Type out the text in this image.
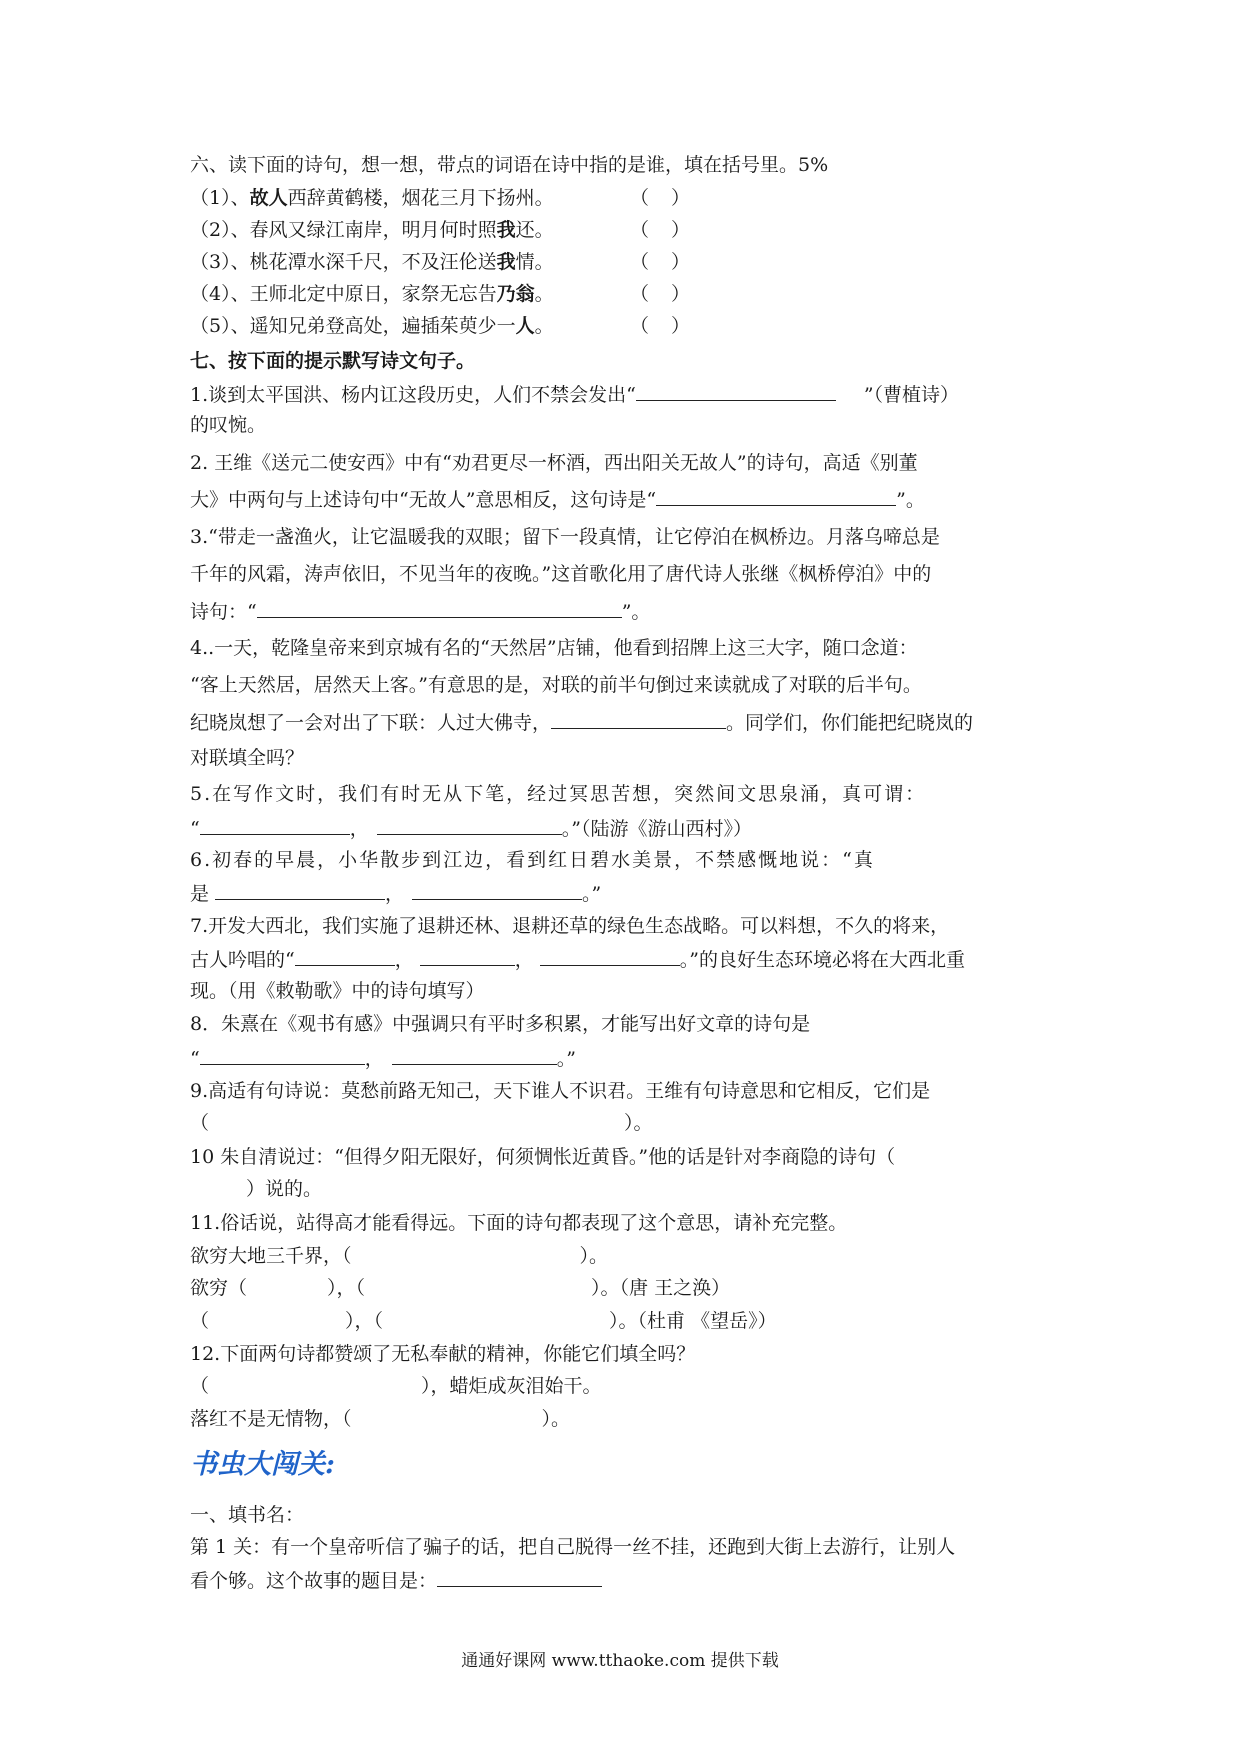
六、读下面的诗句，想一想，带点的词语在诗中指的是谁，填在括号里。5%
（1）、故人西辞黄鹤楼，烟花三月下扬州。	（ ）
（2）、春风又绿江南岸，明月何时照我还。	（ ）
（3）、桃花潭水深千尺，不及汪伦送我情。	（ ）
（4）、王师北定中原日，家祭无忘告乃翁。	（ ）
（5）、遥知兄弟登高处，遍插茱萸少一人。	（ ）
七、按下面的提示默写诗文句子。
1.谈到太平国洪、杨内讧这段历史，人们不禁会发出“	”（曹植诗）
的叹惋。
2. 王维《送元二使安西》中有“劝君更尽一杯酒，西出阳关无故人”的诗句，高适《别董
大》中两句与上述诗句中“无故人”意思相反，这句诗是“	”。
3.“带走一盏渔火，让它温暖我的双眼；留下一段真情，让它停泊在枫桥边。月落乌啼总是
千年的风霜，涛声依旧，不见当年的夜晚。”这首歌化用了唐代诗人张继《枫桥停泊》中的
诗句：“	”。
4..一天，乾隆皇帝来到京城有名的“天然居”店铺，他看到招牌上这三大字，随口念道：
“客上天然居，居然天上客。”有意思的是，对联的前半句倒过来读就成了对联的后半句。
纪晓岚想了一会对出了下联：人过大佛寺，	。同学们，你们能把纪晓岚的
对联填全吗？
5.在写作文时，我们有时无从下笔，经过冥思苦想，突然间文思泉涌，真可谓：
“	，	。”（陆游《游山西村》）
6.初春的早晨，小华散步到江边，看到红日碧水美景，不禁感慨地说：“真
是	，	。”
7.开发大西北，我们实施了退耕还林、退耕还草的绿色生态战略。可以料想，不久的将来，
古人吟唱的“	，	，	。”的良好生态环境必将在大西北重
现。（用《敕勒歌》中的诗句填写）
8．朱熹在《观书有感》中强调只有平时多积累，才能写出好文章的诗句是
“	，	。”
9.高适有句诗说：莫愁前路无知己，天下谁人不识君。王维有句诗意思和它相反，它们是
（	）。
10 朱自清说过：“但得夕阳无限好，何须惆怅近黄昏。”他的话是针对李商隐的诗句（
）说的。
11.俗话说，站得高才能看得远。下面的诗句都表现了这个意思，请补充完整。
欲穷大地三千界，（	）。
欲穷（	），（	）。（唐 王之涣）
（	），（	）。（杜甫 《望岳》）
12.下面两句诗都赞颂了无私奉献的精神，你能它们填全吗？
（	），蜡炬成灰泪始干。
落红不是无情物，（	）。
书虫大闯关:
一、填书名：
第 1 关：有一个皇帝听信了骗子的话，把自己脱得一丝不挂，还跑到大街上去游行，让别人
看个够。这个故事的题目是：
通通好课网 www.tthaoke.com 提供下载
